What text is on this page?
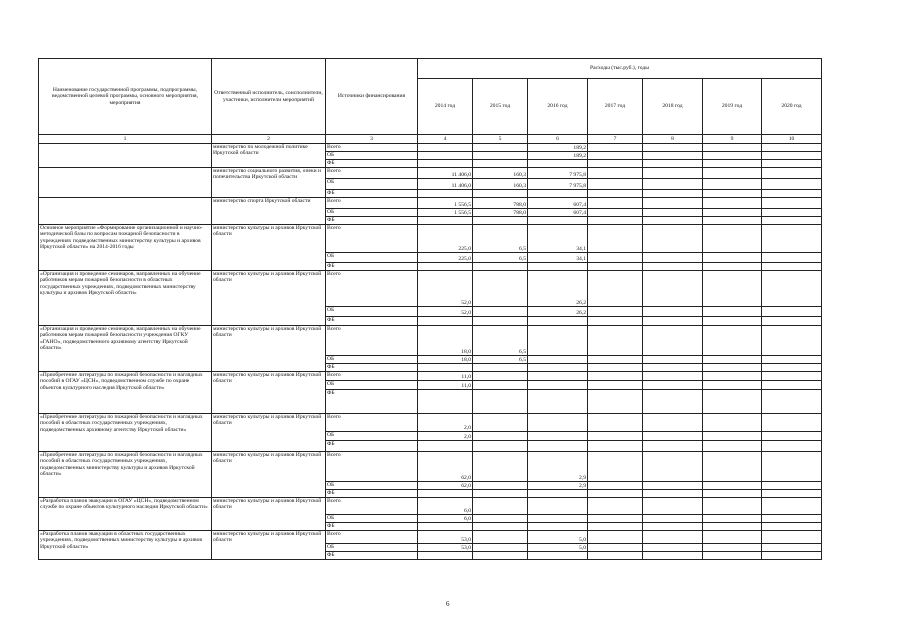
Наименование государственной программы, подпрограммы, ведомственной целевой программы, основного мероприятия, мероприятия	Ответственный исполнитель, соисполнители, участники, исполнители мероприятий	Источники финансирования	Расходы (тыс.руб.), годы						
			2014 год	2015 год	2016 год	2017 год	2018 год	2019 год	2020 год
1	2	3	4	5	6	7	8	9	10
	министерство по молодежной политике Иркутской области	Всего			189,2				
		ОБ			189,2				
		ФБ							
	министерство социального развития, опеки и попечительства Иркутской области	Всего	11 406,0	160,3	7 975,8				
		ОБ	11 406,0	160,3	7 975,8				
		ФБ							
	министерство спорта Иркутской области	Всего	1 556,5	788,0	607,4				
		ОБ	1 556,5	788,0	607,4				
		ФБ							
Основное мероприятие «Формирование организационной и научно-методической базы по вопросам пожарной безопасности в учреждениях подведомственных министерству культуры и архивов Иркутской области» на 2014-2016 годы	министерство культуры и архивов Иркутской области	Всего	225,0	6,5	34,1				
		ОБ	225,0	6,5	34,1				
		ФБ							
«Организация и проведение семинаров, направленных на обучение работников мерам пожарной безопасности в областных государственных учреждениях, подведомственных министерству культуры и архивов Иркутской области»	министерство культуры и архивов Иркутской области	Всего	52,0		26,2				
		ОБ	52,0		26,2				
		ФБ							
«Организация и проведение семинаров, направленных на обучение работников мерам пожарной безопасности учреждения ОГКУ «ГАНО», подведомственного архивному агентству Иркутской области»	министерство культуры и архивов Иркутской области	Всего	18,0	6,5					
		ОБ	18,0	6,5					
		ФБ							
«Приобретение литературы по пожарной безопасности и наглядных пособий в ОГАУ «ЦСН», подведомственном службе по охране объектов культурного наследия Иркутской области»	министерство культуры и архивов Иркутской области	Всего	11,0						
		ОБ	11,0						
		ФБ							
«Приобретение литературы по пожарной безопасности и наглядных пособий в областных государственных учреждениях, подведомственных архивному агентству Иркутской области»	министерство культуры и архивов Иркутской области	Всего	2,0						
		ОБ	2,0						
		ФБ							
«Приобретение литературы по пожарной безопасности и наглядных пособий в областных государственных учреждениях, подведомственных министерству культуры и архивов Иркутской области»	министерство культуры и архивов Иркутской области	Всего	62,0		2,9				
		ОБ	62,0		2,9				
		ФБ							
«Разработка планов эвакуации в ОГАУ «ЦСН», подведомственном службе по охране объектов культурного наследия Иркутской области»	министерство культуры и архивов Иркутской области	Всего	6,0						
		ОБ	6,0						
		ФБ							
«Разработка планов эвакуации в областных государственных учреждениях, подведомственных министерству культуры и архивов Иркутской области»	министерство культуры и архивов Иркутской области	Всего	53,0		5,0				
		ОБ	53,0		5,0				
		ФБ							
6
